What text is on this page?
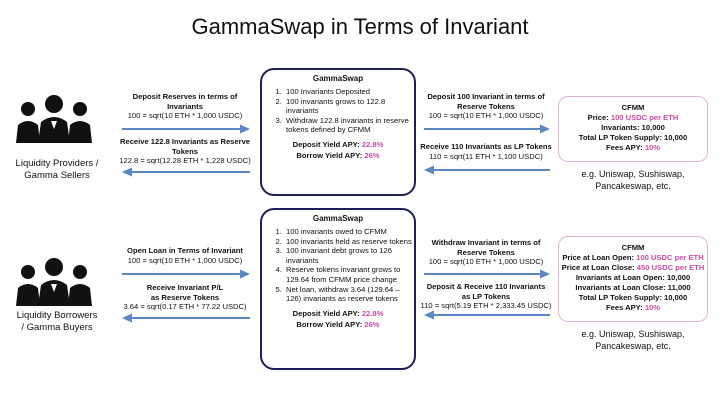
GammaSwap in Terms of Invariant
Liquidity Providers /
Gamma Sellers
Deposit Reserves in terms of
Invariants
100 = sqrt(10 ETH * 1,000 USDC)
Receive 122.8 Invariants as Reserve
Tokens
122.8 = sqrt(12.28 ETH * 1,228 USDC)
GammaSwap
1. 100 Invariants Deposited
2. 100 invariants grows to 122.8 invariants
3. Withdraw 122.8 invariants in reserve tokens defined by CFMM
Deposit Yield APY: 22.8%
Borrow Yield APY: 26%
Deposit 100 Invariant in terms of
Reserve Tokens
100 = sqrt(10 ETH * 1,000 USDC)
Receive 110 Invariants as LP Tokens
110 = sqrt(11 ETH * 1,100 USDC)
CFMM
Price: 100 USDC per ETH
Invariants: 10,000
Total LP Token Supply: 10,000
Fees APY: 10%
e.g. Uniswap, Sushiswap,
Pancakeswap, etc.
Liquidity Borrowers
/ Gamma Buyers
Open Loan in Terms of Invariant
100 = sqrt(10 ETH * 1,000 USDC)
Receive Invariant P/L
as Reserve Tokens
3.64 = sqrt(0.17 ETH * 77.22 USDC)
GammaSwap
1. 100 invariants owed to CFMM
2. 100 invariants held as reserve tokens
3. 100 invariant debt grows to 126 invariants
4. Reserve tokens invariant grows to 129.64 from CFMM price change
5. Net loan, withdraw 3.64 (129.64 – 126) invariants as reserve tokens
Deposit Yield APY: 22.8%
Borrow Yield APY: 26%
Withdraw Invariant in terms of
Reserve Tokens
100 = sqrt(10 ETH * 1,000 USDC)
Deposit & Receive 110 Invariants
as LP Tokens
110 = sqrt(5.19 ETH * 2,333.45 USDC)
CFMM
Price at Loan Open: 100 USDC per ETH
Price at Loan Close: 450 USDC per ETH
Invariants at Loan Open: 10,000
Invariants at Loan Close: 11,000
Total LP Token Supply: 10,000
Fees APY: 10%
e.g. Uniswap, Sushiswap,
Pancakeswap, etc.
